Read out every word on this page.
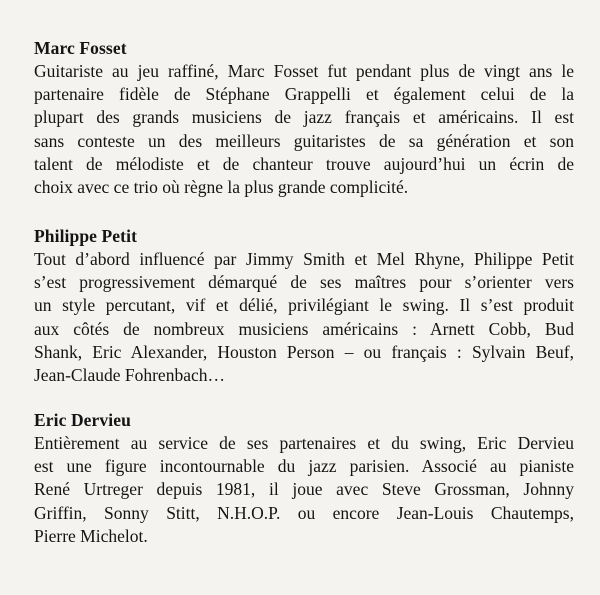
Marc Fosset
Guitariste au jeu raffiné, Marc Fosset fut pendant plus de vingt ans le
partenaire fidèle de Stéphane Grappelli et également celui de la
plupart des grands musiciens de jazz français et américains. Il est
sans conteste un des meilleurs guitaristes de sa génération et son
talent de mélodiste et de chanteur trouve aujourd’hui un écrin de
choix avec ce trio où règne la plus grande complicité.
Philippe Petit
Tout d’abord influencé par Jimmy Smith et Mel Rhyne, Philippe Petit
s’est progressivement démarqué de ses maîtres pour s’orienter vers
un style percutant, vif et délié, privilégiant le swing. Il s’est produit
aux côtés de nombreux musiciens américains : Arnett Cobb, Bud
Shank, Eric Alexander, Houston Person – ou français : Sylvain Beuf,
Jean-Claude Fohrenbach…
Eric Dervieu
Entièrement au service de ses partenaires et du swing, Eric Dervieu
est une figure incontournable du jazz parisien. Associé au pianiste
René Urtreger depuis 1981, il joue avec Steve Grossman, Johnny
Griffin, Sonny Stitt, N.H.O.P. ou encore Jean-Louis Chautemps,
Pierre Michelot.
